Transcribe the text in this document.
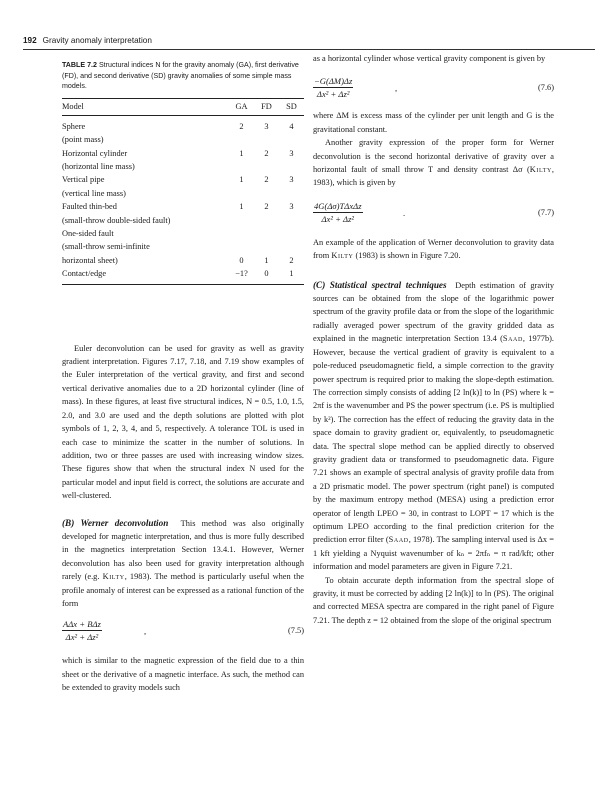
192 Gravity anomaly interpretation
TABLE 7.2 Structural indices N for the gravity anomaly (GA), first derivative (FD), and second derivative (SD) gravity anomalies of some simple mass models.
Model	GA	FD	SD
Sphere	2	3	4
(point mass)			
Horizontal cylinder	1	2	3
(horizontal line mass)			
Vertical pipe	1	2	3
(vertical line mass)			
Faulted thin-bed	1	2	3
(small-throw double-sided fault)			
One-sided fault			
(small-throw semi-infinite			
horizontal sheet)	0	1	2
Contact/edge	−1?	0	1

Euler deconvolution can be used for gravity as well as gravity gradient interpretation. Figures 7.17, 7.18, and 7.19 show examples of the Euler interpretation of the vertical gravity, and first and second vertical derivative anomalies due to a 2D horizontal cylinder (line of mass). In these figures, at least five structural indices, N = 0.5, 1.0, 1.5, 2.0, and 3.0 are used and the depth solutions are plotted with plot symbols of 1, 2, 3, 4, and 5, respectively. A tolerance TOL is used in each case to minimize the scatter in the number of solutions. In addition, two or three passes are used with increasing window sizes. These figures show that when the structural index N used for the particular model and input field is correct, the solutions are accurate and well-clustered.

(B) Werner deconvolution This method was also originally developed for magnetic interpretation, and thus is more fully described in the magnetics interpretation Section 13.4.1. However, Werner deconvolution has also been used for gravity interpretation although rarely (e.g. Kilty, 1983). The method is particularly useful when the profile anomaly of interest can be expressed as a rational function of the form

AΔx + BΔz
Δx² + Δz²
,	(7.5)

which is similar to the magnetic expression of the field due to a thin sheet or the derivative of a magnetic interface. As such, the method can be extended to gravity models such

as a horizontal cylinder whose vertical gravity component is given by

$\frac{-G(\Delta M)\Delta z}{\text{Δx² + Δz²}}$	,	(7.6)

where ΔM is excess mass of the cylinder per unit length and G is the gravitational constant.

Another gravity expression of the proper form for Werner deconvolution is the second horizontal derivative of gravity over a horizontal fault of small throw T and density contrast Δσ (Kilty, 1983), which is given by

4G(Δσ)TΔxΔz
Δx² + Δz²
.	(7.7)

An example of the application of Werner deconvolution to gravity data from Kilty (1983) is shown in Figure 7.20.

(C) Statistical spectral techniques Depth estimation of gravity sources can be obtained from the slope of the logarithmic power spectrum of the gravity profile data or from the slope of the logarithmic radially averaged power spectrum of the gravity gridded data as explained in the magnetic interpretation Section 13.4 (Saad, 1977b). However, because the vertical gradient of gravity is equivalent to a pole-reduced pseudomagnetic field, a simple correction to the gravity power spectrum is required prior to making the slope-depth estimation. The correction simply consists of adding [2 ln(k)] to ln (PS) where k = 2πf is the wavenumber and PS the power spectrum (i.e. PS is multiplied by k²). The correction has the effect of reducing the gravity data in the space domain to gravity gradient or, equivalently, to pseudomagnetic data. The spectral slope method can be applied directly to observed gravity gradient data or transformed to pseudomagnetic data. Figure 7.21 shows an example of spectral analysis of gravity profile data from a 2D prismatic model. The power spectrum (right panel) is computed by the maximum entropy method (MESA) using a prediction error operator of length LPEO = 30, in contrast to LOPT = 17 which is the optimum LPEO according to the final prediction criterion for the prediction error filter (Saad, 1978). The sampling interval used is Δx = 1 kft yielding a Nyquist wavenumber of kₙ = 2πfₙ = π rad/kft; other information and model parameters are given in Figure 7.21.

To obtain accurate depth information from the spectral slope of gravity, it must be corrected by adding [2 ln(k)] to ln (PS). The original and corrected MESA spectra are compared in the right panel of Figure 7.21. The depth z = 12 obtained from the slope of the original spectrum
